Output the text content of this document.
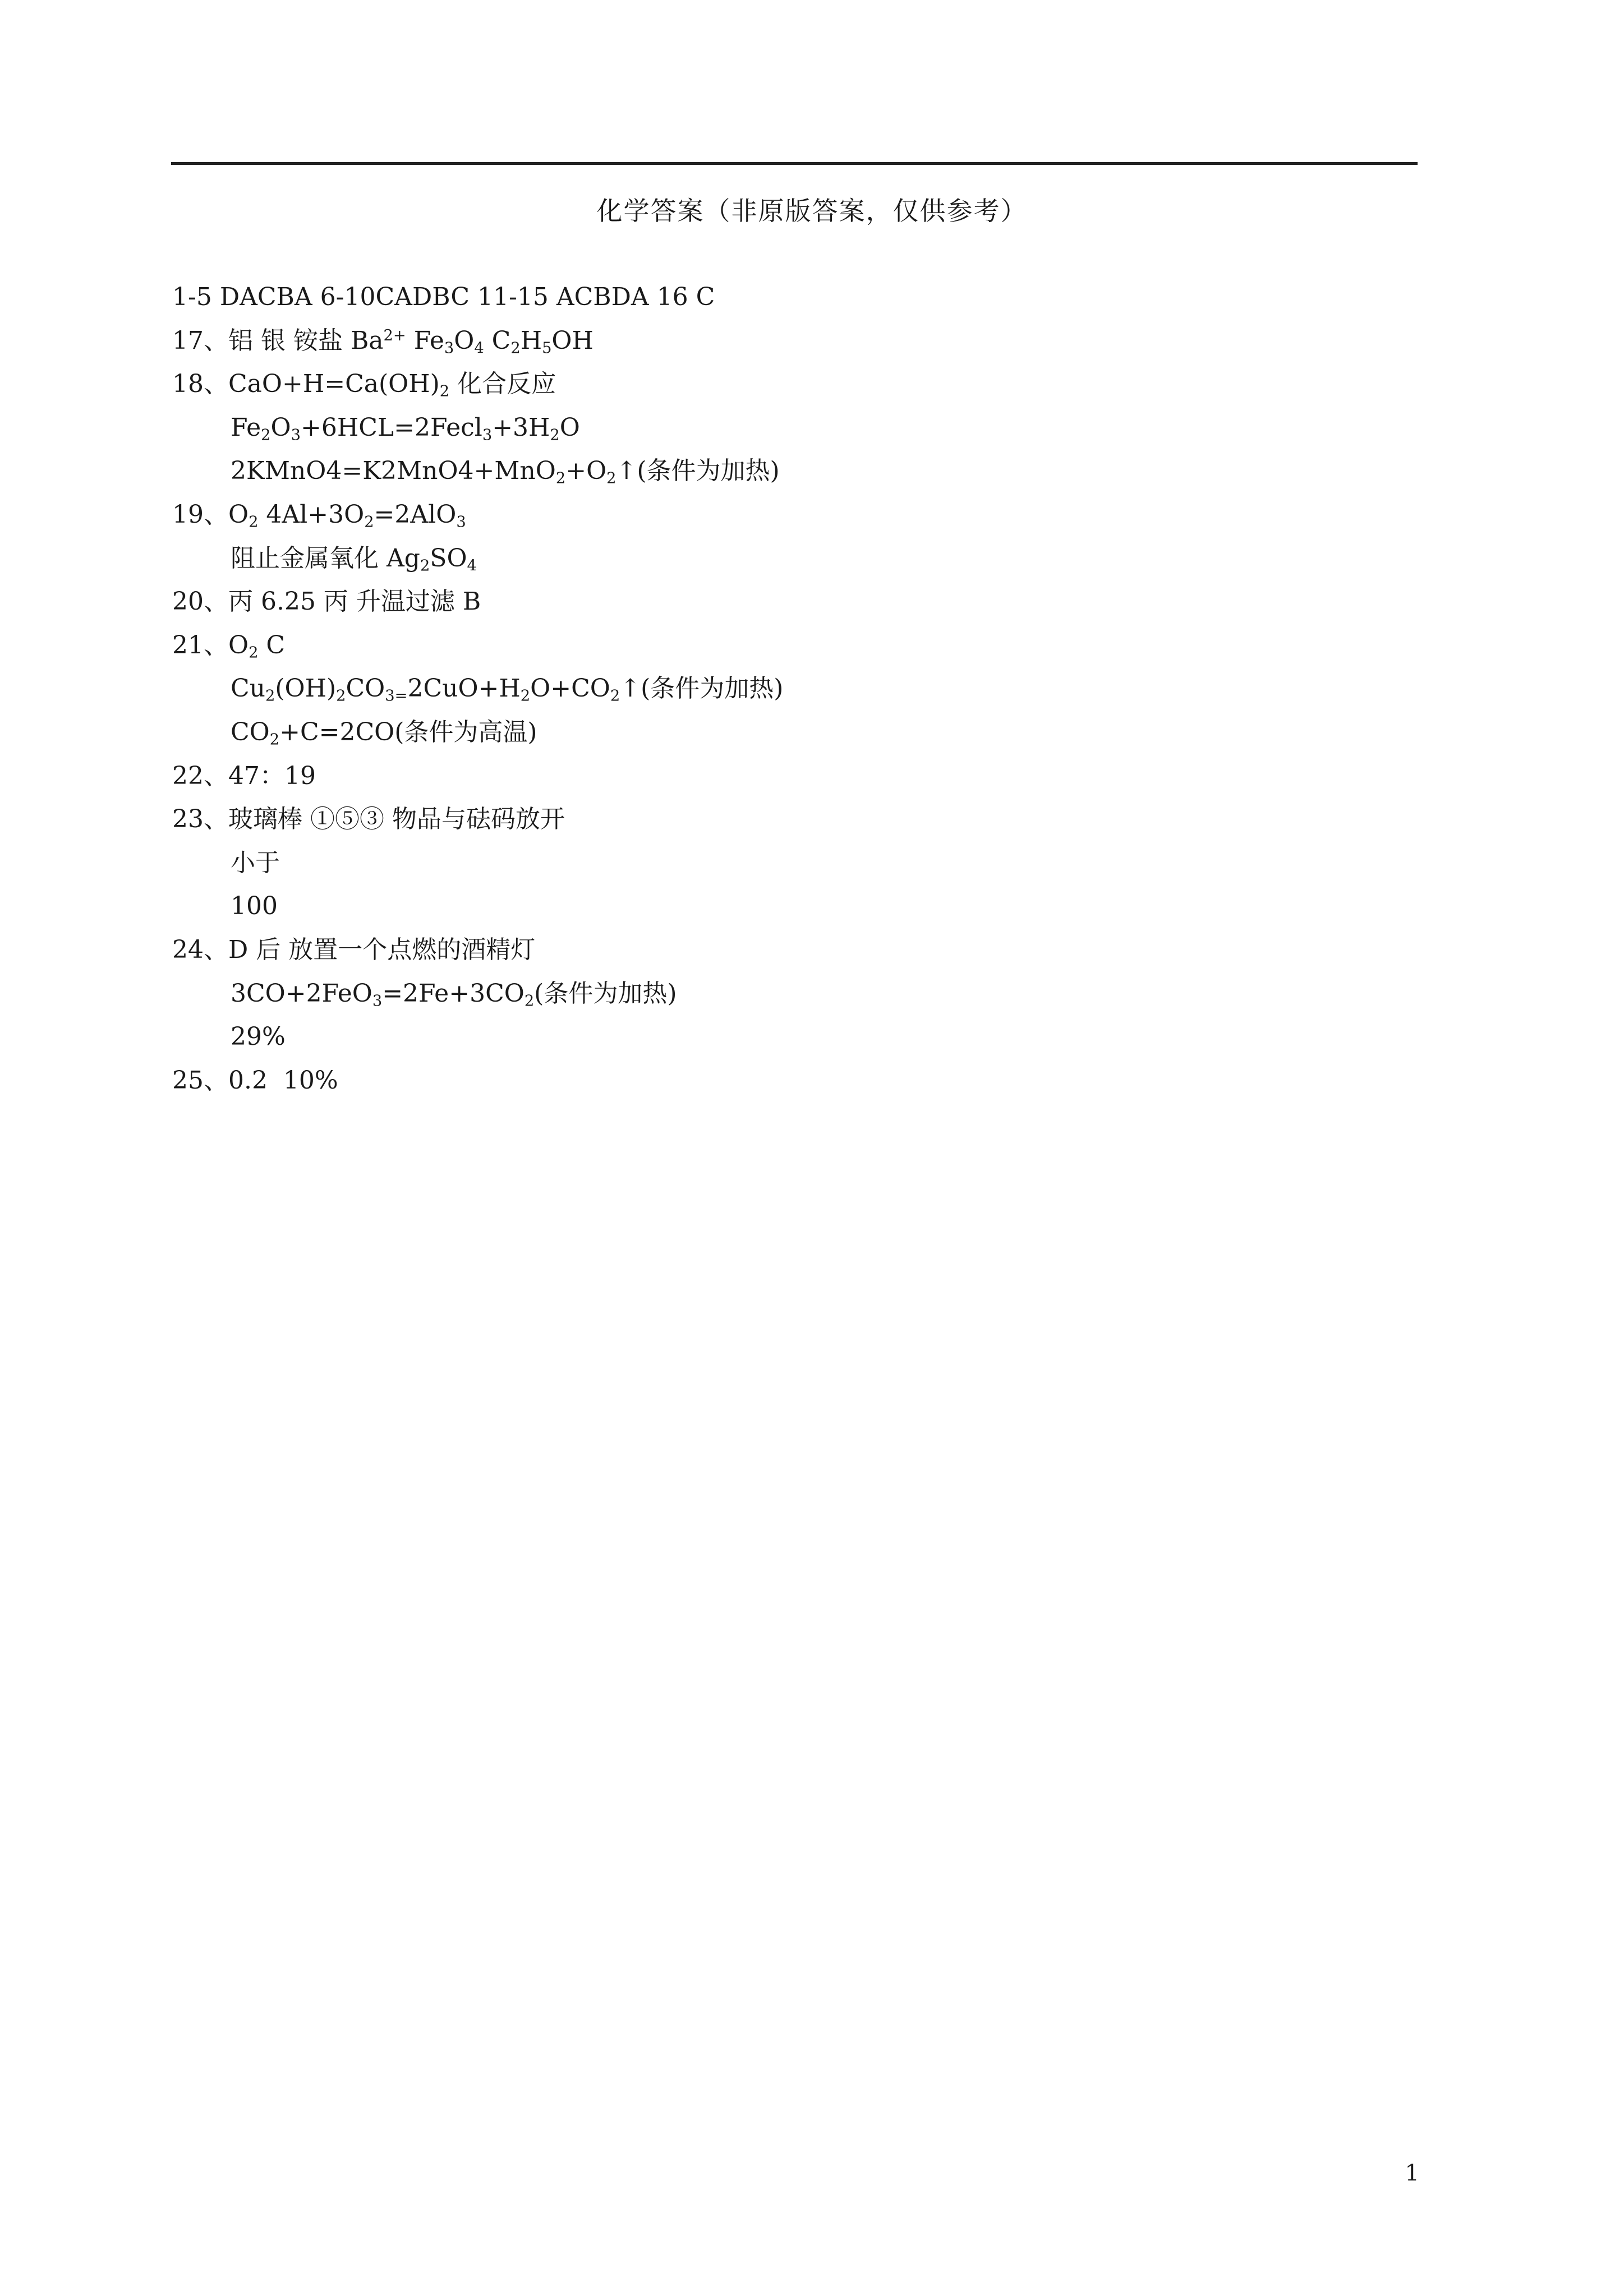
化学答案（非原版答案，仅供参考）
1-5 DACBA 6-10CADBC 11-15 ACBDA 16 C
17、铝 银 铵盐 $Ba^{2+}$ $Fe_3O_4$ $C_2H_5OH$
18、$CaO+H=Ca(OH)_2$ 化合反应
$Fe_2O_3+6HCL=2Fecl_3+3H_2O$
$2KMnO4=K2MnO4+MnO_2+O_2↑$(条件为加热)
19、$O_2$ $4Al+3O_2=2AlO_3$
阻止金属氧化 $Ag_2SO_4$
20、丙 6.25 丙 升温过滤 B
21、$O_2$ C
$Cu_2(OH)_2CO_{3=}2CuO+H_2O+CO_2↑$(条件为加热)
$CO_2+C=2CO$(条件为高温)
22、47：19
23、玻璃棒 ①⑤③ 物品与砝码放开
小于
100
24、D 后 放置一个点燃的酒精灯
$3CO+2FeO_3=2Fe+3CO_2$(条件为加热)
29%
25、0.2  10%
1
